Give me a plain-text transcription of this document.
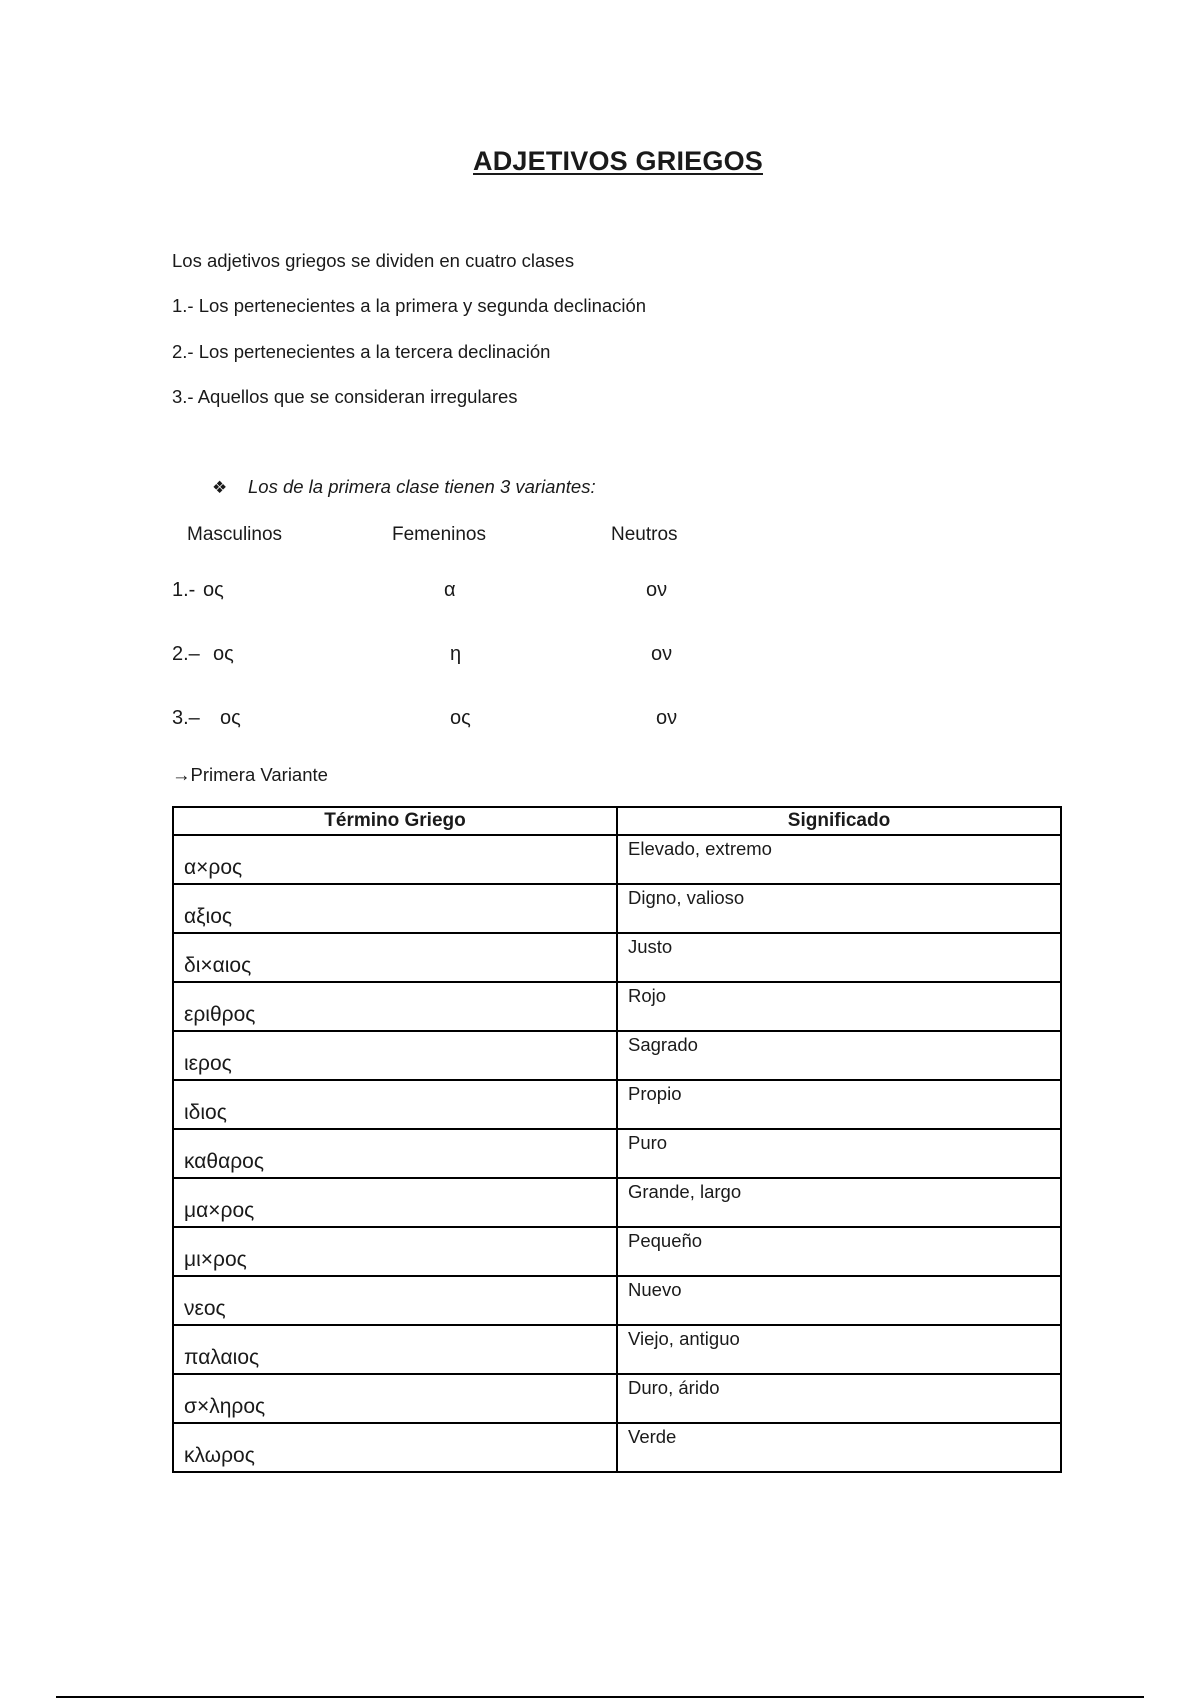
ADJETIVOS GRIEGOS
Los adjetivos griegos se dividen en cuatro clases
1.- Los pertenecientes a la primera y segunda declinación
2.- Los pertenecientes a la tercera declinación
3.- Aquellos que se consideran irregulares
❖ Los de la primera clase tienen 3 variantes:
Masculinos	Femeninos	Neutros
1.- ος	α	ον
2.– ος	η	ον
3.– ος	ος	ον
→Primera Variante
Término Griego	Significado
α×ρος	Elevado, extremo
αξιος	Digno, valioso
δι×αιος	Justo
εριθρος	Rojo
ιερος	Sagrado
ιδιος	Propio
καθαρος	Puro
μα×ρος	Grande, largo
μι×ρος	Pequeño
νεος	Nuevo
παλαιος	Viejo, antiguo
σ×ληρος	Duro, árido
κλωρος	Verde
